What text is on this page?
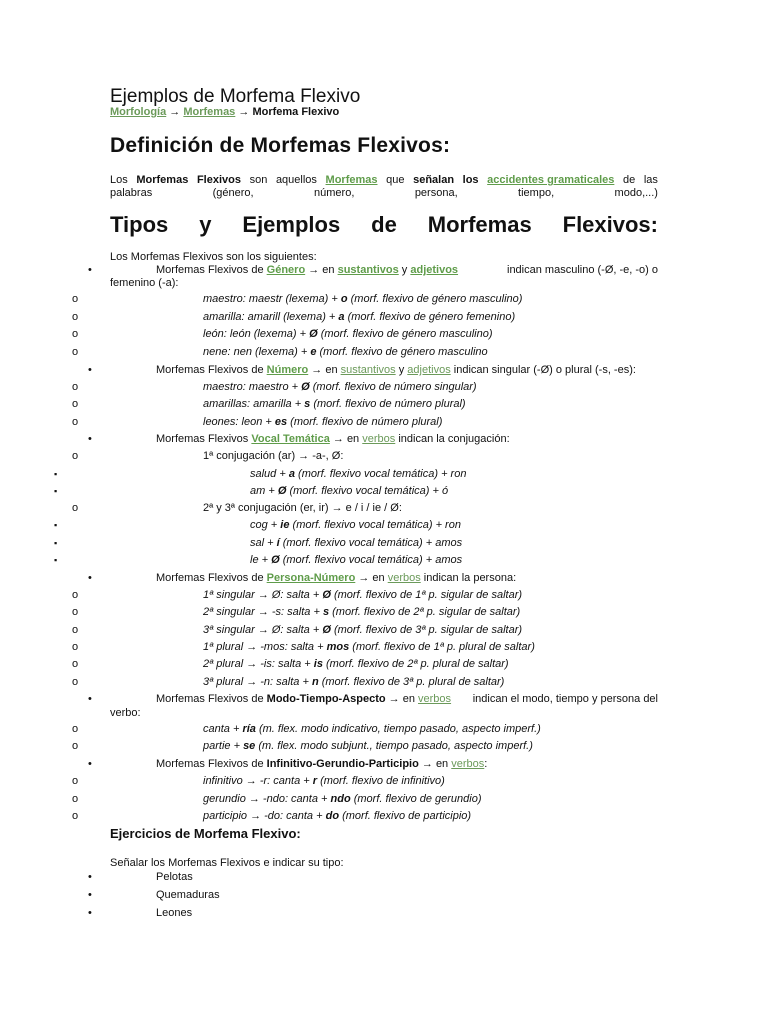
Ejemplos de Morfema Flexivo
Morfología → Morfemas → Morfema Flexivo
Definición de Morfemas Flexivos:
Los Morfemas Flexivos son aquellos Morfemas que señalan los accidentes gramaticales de las
palabras	(género,	número,	persona,	tiempo,	modo,...)
Tipos y Ejemplos de Morfemas Flexivos:
Los Morfemas Flexivos son los siguientes:
•	Morfemas Flexivos de Género → en sustantivos y adjetivos	indican masculino (-Ø, -e, -o) o
femenino (-a):
o	maestro: maestr (lexema) + o (morf. flexivo de género masculino)
o	amarilla: amarill (lexema) + a (morf. flexivo de género femenino)
o	león: león (lexema) + Ø (morf. flexivo de género masculino)
o	nene: nen (lexema) + e (morf. flexivo de género masculino
•	Morfemas Flexivos de Número → en sustantivos y adjetivos indican singular (-Ø) o plural (-s, -es):
o	maestro: maestro + Ø (morf. flexivo de número singular)
o	amarillas: amarilla + s (morf. flexivo de número plural)
o	leones: leon + es (morf. flexivo de número plural)
•	Morfemas Flexivos Vocal Temática → en verbos indican la conjugación:
o	1ª conjugación (ar) → -a-, Ø:
▪	salud + a (morf. flexivo vocal temática) + ron
▪	am + Ø (morf. flexivo vocal temática) + ó
o	2ª y 3ª conjugación (er, ir) → e / i / ie / Ø:
▪	cog + ie (morf. flexivo vocal temática) + ron
▪	sal + í (morf. flexivo vocal temática) + amos
▪	le + Ø (morf. flexivo vocal temática) + amos
•	Morfemas Flexivos de Persona-Número → en verbos indican la persona:
o	1ª singular → Ø: salta + Ø (morf. flexivo de 1ª p. sigular de saltar)
o	2ª singular → -s: salta + s (morf. flexivo de 2ª p. sigular de saltar)
o	3ª singular → Ø: salta + Ø (morf. flexivo de 3ª p. sigular de saltar)
o	1ª plural → -mos: salta + mos (morf. flexivo de 1ª p. plural de saltar)
o	2ª plural → -is: salta + is (morf. flexivo de 2ª p. plural de saltar)
o	3ª plural → -n: salta + n (morf. flexivo de 3ª p. plural de saltar)
•	Morfemas Flexivos de Modo-Tiempo-Aspecto → en verbos indican el modo, tiempo y persona del
verbo:
o	canta + ría (m. flex. modo indicativo, tiempo pasado, aspecto imperf.)
o	partie + se (m. flex. modo subjunt., tiempo pasado, aspecto imperf.)
•	Morfemas Flexivos de Infinitivo-Gerundio-Participio → en verbos:
o	infinitivo → -r: canta + r (morf. flexivo de infinitivo)
o	gerundio → -ndo: canta + ndo (morf. flexivo de gerundio)
o	participio → -do: canta + do (morf. flexivo de participio)
Ejercicios de Morfema Flexivo:
Señalar los Morfemas Flexivos e indicar su tipo:
•	Pelotas
•	Quemaduras
•	Leones
